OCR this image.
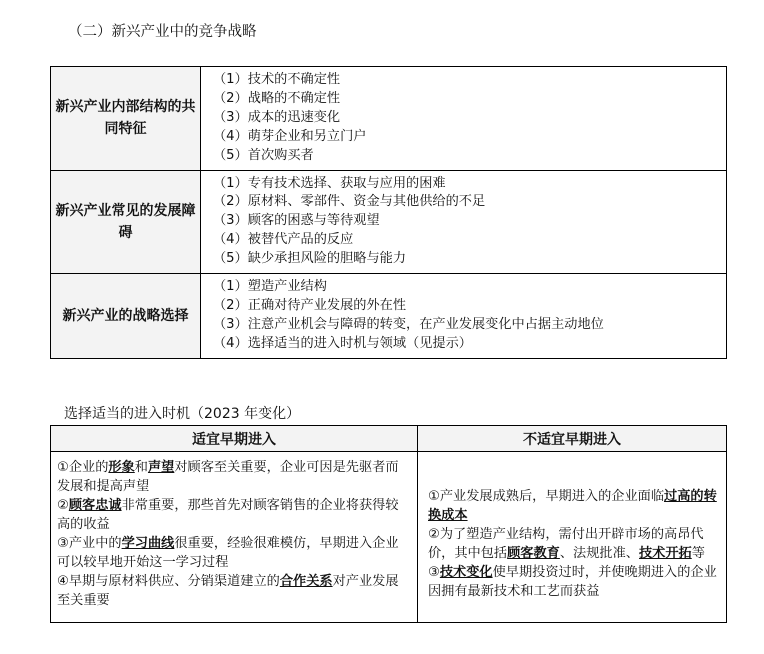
（二）新兴产业中的竞争战略
新兴产业内部结构的共同特征	（1）技术的不确定性
（2）战略的不确定性
（3）成本的迅速变化
（4）萌芽企业和另立门户
（5）首次购买者

新兴产业常见的发展障碍	（1）专有技术选择、获取与应用的困难
（2）原材料、零部件、资金与其他供给的不足
（3）顾客的困惑与等待观望
（4）被替代产品的反应
（5）缺少承担风险的胆略与能力

新兴产业的战略选择	（1）塑造产业结构
（2）正确对待产业发展的外在性
（3）注意产业机会与障碍的转变，在产业发展变化中占据主动地位
（4）选择适当的进入时机与领域（见提示）
选择适当的进入时机（2023 年变化）
适宜早期进入	不适宜早期进入

①企业的形象和声望对顾客至关重要，企业可因是先驱者而发展和提高声望
②顾客忠诚非常重要，那些首先对顾客销售的企业将获得较高的收益
③产业中的学习曲线很重要，经验很难模仿，早期进入企业可以较早地开始这一学习过程
④早期与原材料供应、分销渠道建立的合作关系对产业发展至关重要	①产业发展成熟后，早期进入的企业面临过高的转换成本
②为了塑造产业结构，需付出开辟市场的高昂代价，其中包括顾客教育、法规批准、技术开拓等
③技术变化使早期投资过时，并使晚期进入的企业因拥有最新技术和工艺而获益
